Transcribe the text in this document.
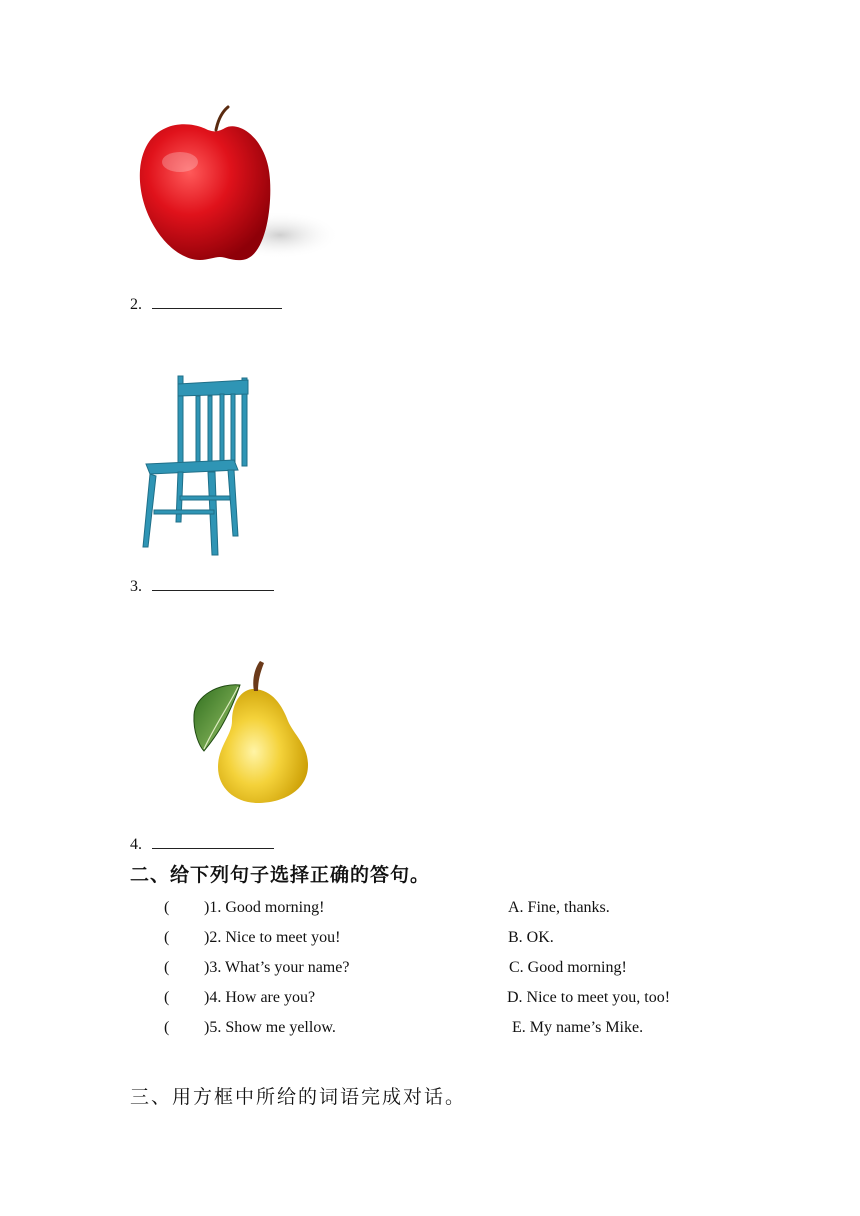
2.
3.
4.
二、给下列句子选择正确的答句。
( )1. Good morning!	A. Fine, thanks.
( )2. Nice to meet you!	B. OK.
( )3. What’s your name?	C. Good morning!
( )4. How are you?	D. Nice to meet you, too!
( )5. Show me yellow.	E. My name’s Mike.
三、用方框中所给的词语完成对话。
